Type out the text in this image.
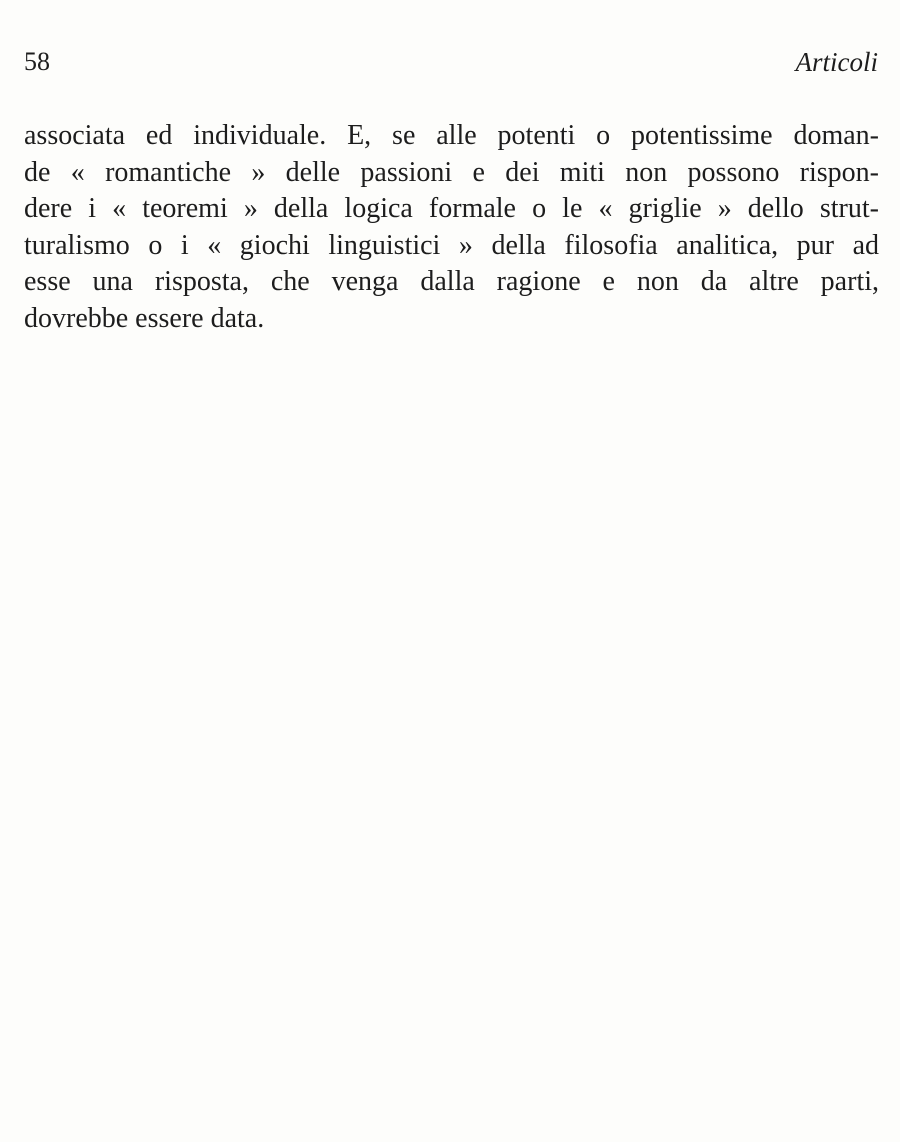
58	Articoli
associata ed individuale. E, se alle potenti o potentissime doman-
de « romantiche » delle passioni e dei miti non possono rispon-
dere i « teoremi » della logica formale o le « griglie » dello strut-
turalismo o i « giochi linguistici » della filosofia analitica, pur ad
esse una risposta, che venga dalla ragione e non da altre parti,
dovrebbe essere data.
